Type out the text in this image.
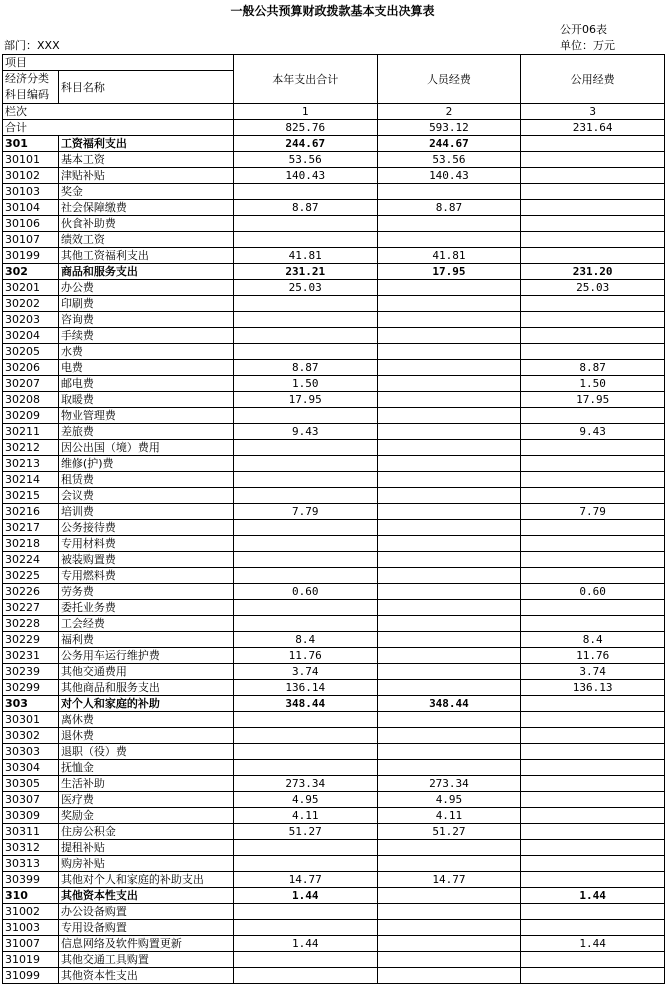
一般公共预算财政拨款基本支出决算表
部门：XXX
公开06表
单位：万元
项目		本年支出合计	人员经费	公用经费
经济分类科目编码	科目名称			

栏次		1	2	3
合计		825.76	593.12	231.64
301	工资福利支出	244.67	244.67	
30101	基本工资	53.56	53.56	
30102	津贴补贴	140.43	140.43	
30103	奖金			
30104	社会保障缴费	8.87	8.87	
30106	伙食补助费			
30107	绩效工资			
30199	其他工资福利支出	41.81	41.81	
302	商品和服务支出	231.21	17.95	231.20
30201	办公费	25.03		25.03
30202	印刷费			
30203	咨询费			
30204	手续费			
30205	水费			
30206	电费	8.87		8.87
30207	邮电费	1.50		1.50
30208	取暖费	17.95		17.95
30209	物业管理费			
30211	差旅费	9.43		9.43
30212	因公出国（境）费用			
30213	维修(护)费			
30214	租赁费			
30215	会议费			
30216	培训费	7.79		7.79
30217	公务接待费			
30218	专用材料费			
30224	被装购置费			
30225	专用燃料费			
30226	劳务费	0.60		0.60
30227	委托业务费			
30228	工会经费			
30229	福利费	8.4		8.4
30231	公务用车运行维护费	11.76		11.76
30239	其他交通费用	3.74		3.74
30299	其他商品和服务支出	136.14		136.13
303	对个人和家庭的补助	348.44	348.44	
30301	离休费			
30302	退休费			
30303	退职（役）费			
30304	抚恤金			
30305	生活补助	273.34	273.34	
30307	医疗费	4.95	4.95	
30309	奖励金	4.11	4.11	
30311	住房公积金	51.27	51.27	
30312	提租补贴			
30313	购房补贴			
30399	其他对个人和家庭的补助支出	14.77	14.77	
310	其他资本性支出	1.44		1.44
31002	办公设备购置			
31003	专用设备购置			
31007	信息网络及软件购置更新	1.44		1.44
31019	其他交通工具购置			
31099	其他资本性支出			
